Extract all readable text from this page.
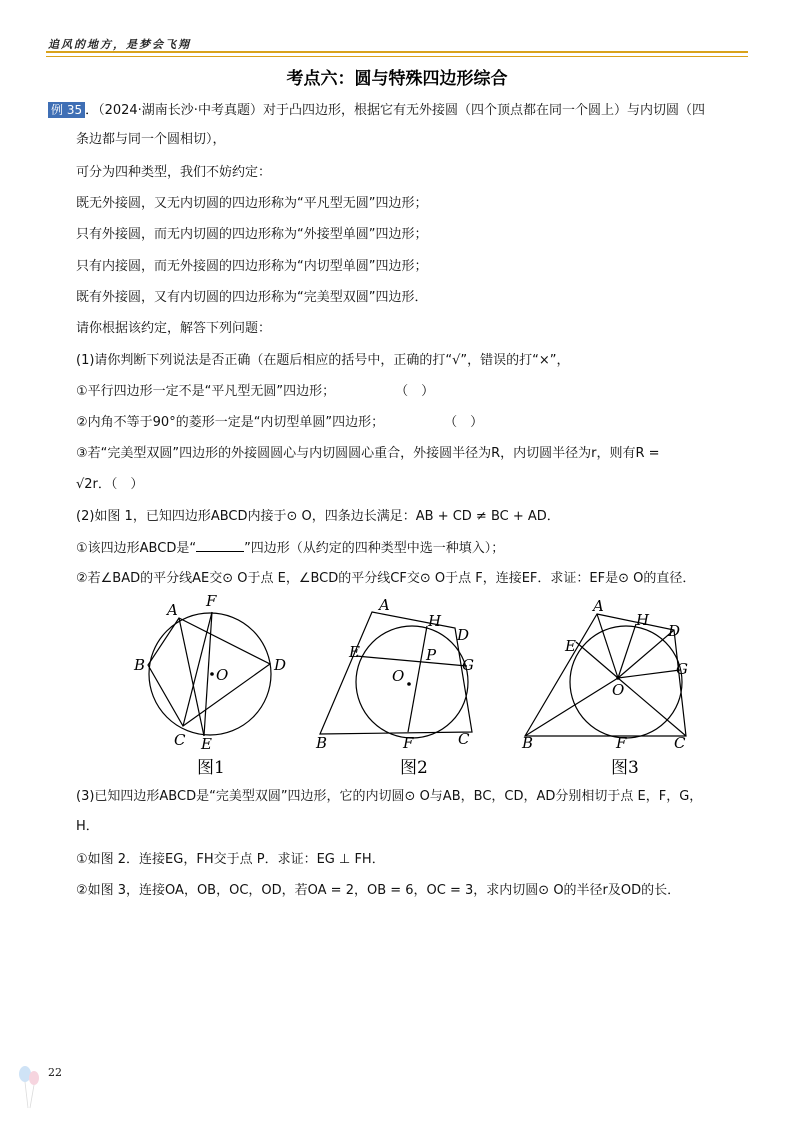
追风的地方，是梦会飞翔
考点六：圆与特殊四边形综合
例 35 ．（2024·湖南长沙·中考真题）对于凸四边形，根据它有无外接圆（四个顶点都在同一个圆上）与内切圆（四
条边都与同一个圆相切），
可分为四种类型，我们不妨约定：
既无外接圆，又无内切圆的四边形称为“平凡型无圆”四边形；
只有外接圆，而无内切圆的四边形称为“外接型单圆”四边形；
只有内接圆，而无外接圆的四边形称为“内切型单圆”四边形；
既有外接圆，又有内切圆的四边形称为“完美型双圆”四边形．
请你根据该约定，解答下列问题：
(1)请你判断下列说法是否正确（在题后相应的括号中，正确的打“√”，错误的打“×”，
①平行四边形一定不是“平凡型无圆”四边形；	（　）
②内角不等于90°的菱形一定是“内切型单圆”四边形；	（　）
③若“完美型双圆”四边形的外接圆圆心与内切圆圆心重合，外接圆半径为R，内切圆半径为r，则有R =
√2r．（　）
(2)如图 1，已知四边形ABCD内接于⊙ O，四条边长满足：AB + CD ≠ BC + AD．
①该四边形ABCD是“	”四边形（从约定的四种类型中选一种填入）；
②若∠BAD的平分线AE交⊙ O于点 E，∠BCD的平分线CF交⊙ O于点 F，连接EF．求证：EF是⊙ O的直径．
A F
B	D
O
C E
A
H
D
E	P
G
O
B	F	C
A
H
D
E
G
O
B	F	C
图1	图2	图3
(3)已知四边形ABCD是“完美型双圆”四边形，它的内切圆⊙ O与AB，BC，CD，AD分别相切于点 E，F，G，
H．
①如图 2．连接EG，FH交于点 P．求证：EG ⊥ FH．
②如图 3，连接OA，OB，OC，OD，若OA = 2，OB = 6，OC = 3，求内切圆⊙ O的半径r及OD的长．
22
